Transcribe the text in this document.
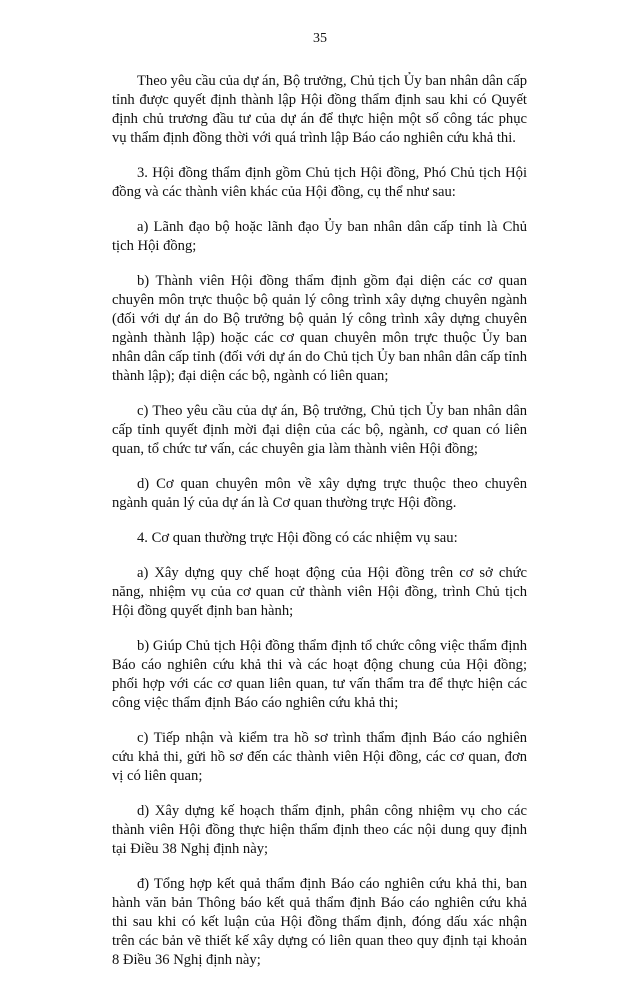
35

Theo yêu cầu của dự án, Bộ trưởng, Chủ tịch Ủy ban nhân dân cấp tỉnh được quyết định thành lập Hội đồng thẩm định sau khi có Quyết định chủ trương đầu tư của dự án để thực hiện một số công tác phục vụ thẩm định đồng thời với quá trình lập Báo cáo nghiên cứu khả thi.

3. Hội đồng thẩm định gồm Chủ tịch Hội đồng, Phó Chủ tịch Hội đồng và các thành viên khác của Hội đồng, cụ thể như sau:

a) Lãnh đạo bộ hoặc lãnh đạo Ủy ban nhân dân cấp tỉnh là Chủ tịch Hội đồng;

b) Thành viên Hội đồng thẩm định gồm đại diện các cơ quan chuyên môn trực thuộc bộ quản lý công trình xây dựng chuyên ngành (đối với dự án do Bộ trưởng bộ quản lý công trình xây dựng chuyên ngành thành lập) hoặc các cơ quan chuyên môn trực thuộc Ủy ban nhân dân cấp tỉnh (đối với dự án do Chủ tịch Ủy ban nhân dân cấp tỉnh thành lập); đại diện các bộ, ngành có liên quan;

c) Theo yêu cầu của dự án, Bộ trưởng, Chủ tịch Ủy ban nhân dân cấp tỉnh quyết định mời đại diện của các bộ, ngành, cơ quan có liên quan, tổ chức tư vấn, các chuyên gia làm thành viên Hội đồng;

d) Cơ quan chuyên môn về xây dựng trực thuộc theo chuyên ngành quản lý của dự án là Cơ quan thường trực Hội đồng.

4. Cơ quan thường trực Hội đồng có các nhiệm vụ sau:

a) Xây dựng quy chế hoạt động của Hội đồng trên cơ sở chức năng, nhiệm vụ của cơ quan cử thành viên Hội đồng, trình Chủ tịch Hội đồng quyết định ban hành;

b) Giúp Chủ tịch Hội đồng thẩm định tổ chức công việc thẩm định Báo cáo nghiên cứu khả thi và các hoạt động chung của Hội đồng; phối hợp với các cơ quan liên quan, tư vấn thẩm tra để thực hiện các công việc thẩm định Báo cáo nghiên cứu khả thi;

c) Tiếp nhận và kiểm tra hồ sơ trình thẩm định Báo cáo nghiên cứu khả thi, gửi hồ sơ đến các thành viên Hội đồng, các cơ quan, đơn vị có liên quan;

d) Xây dựng kế hoạch thẩm định, phân công nhiệm vụ cho các thành viên Hội đồng thực hiện thẩm định theo các nội dung quy định tại Điều 38 Nghị định này;

đ) Tổng hợp kết quả thẩm định Báo cáo nghiên cứu khả thi, ban hành văn bản Thông báo kết quả thẩm định Báo cáo nghiên cứu khả thi sau khi có kết luận của Hội đồng thẩm định, đóng dấu xác nhận trên các bản vẽ thiết kế xây dựng có liên quan theo quy định tại khoản 8 Điều 36 Nghị định này;
